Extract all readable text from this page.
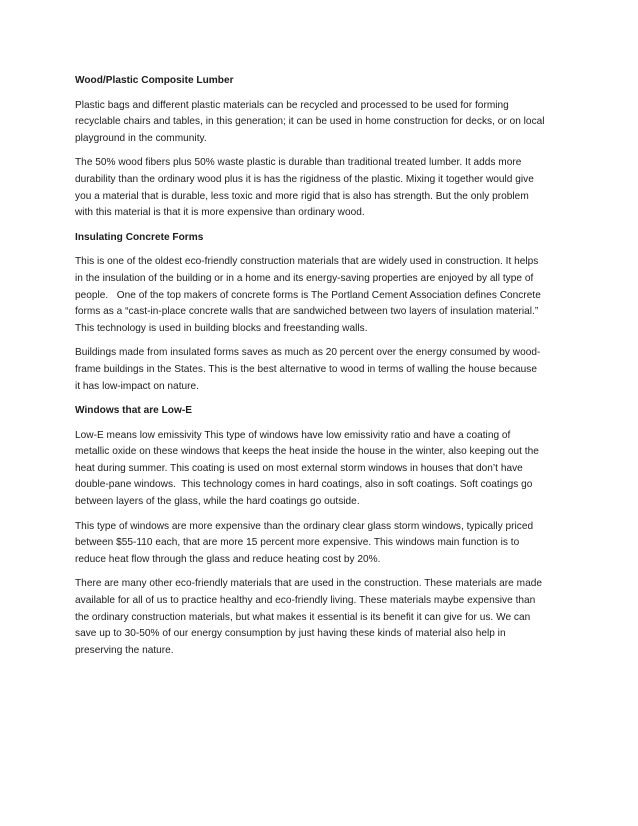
Wood/Plastic Composite Lumber
Plastic bags and different plastic materials can be recycled and processed to be used for forming
recyclable chairs and tables, in this generation; it can be used in home construction for decks, or on local
playground in the community.
The 50% wood fibers plus 50% waste plastic is durable than traditional treated lumber. It adds more
durability than the ordinary wood plus it is has the rigidness of the plastic. Mixing it together would give
you a material that is durable, less toxic and more rigid that is also has strength. But the only problem
with this material is that it is more expensive than ordinary wood.
Insulating Concrete Forms
This is one of the oldest eco-friendly construction materials that are widely used in construction. It helps
in the insulation of the building or in a home and its energy-saving properties are enjoyed by all type of
people.   One of the top makers of concrete forms is The Portland Cement Association defines Concrete
forms as a “cast-in-place concrete walls that are sandwiched between two layers of insulation material.”
This technology is used in building blocks and freestanding walls.
Buildings made from insulated forms saves as much as 20 percent over the energy consumed by wood-
frame buildings in the States. This is the best alternative to wood in terms of walling the house because
it has low-impact on nature.
Windows that are Low-E
Low-E means low emissivity This type of windows have low emissivity ratio and have a coating of
metallic oxide on these windows that keeps the heat inside the house in the winter, also keeping out the
heat during summer. This coating is used on most external storm windows in houses that don’t have
double-pane windows.  This technology comes in hard coatings, also in soft coatings. Soft coatings go
between layers of the glass, while the hard coatings go outside.
This type of windows are more expensive than the ordinary clear glass storm windows, typically priced
between $55-110 each, that are more 15 percent more expensive. This windows main function is to
reduce heat flow through the glass and reduce heating cost by 20%.
There are many other eco-friendly materials that are used in the construction. These materials are made
available for all of us to practice healthy and eco-friendly living. These materials maybe expensive than
the ordinary construction materials, but what makes it essential is its benefit it can give for us. We can
save up to 30-50% of our energy consumption by just having these kinds of material also help in
preserving the nature.
